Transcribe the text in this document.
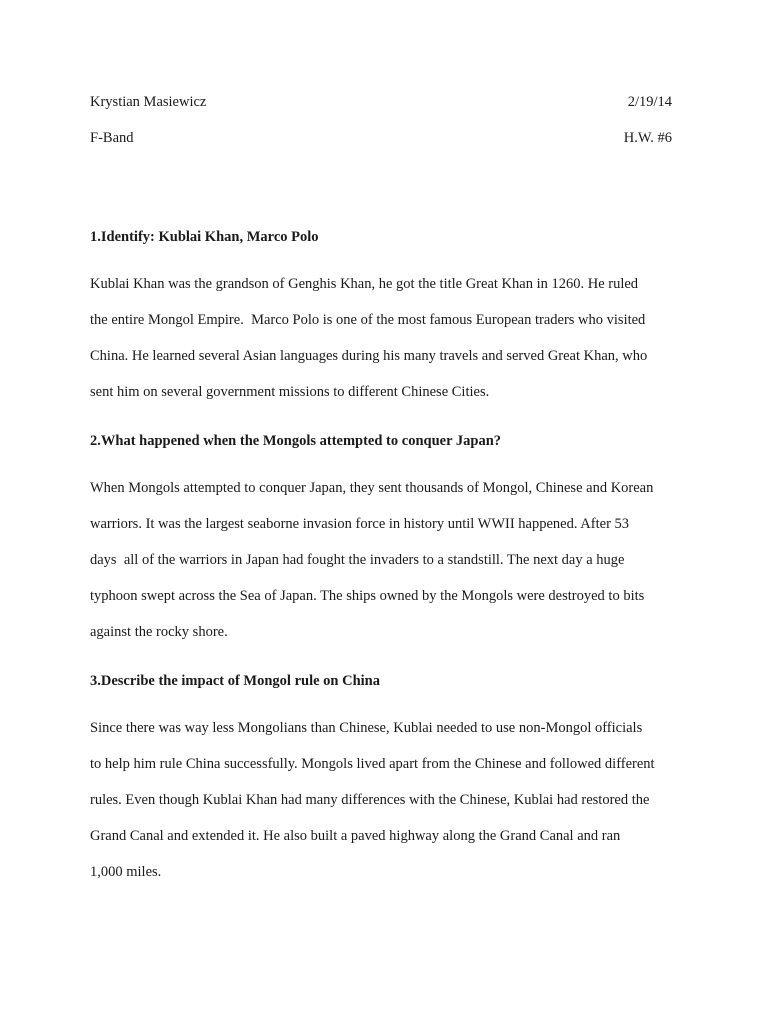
Krystian Masiewicz	2/19/14
F-Band	H.W. #6
1.Identify: Kublai Khan, Marco Polo
Kublai Khan was the grandson of Genghis Khan, he got the title Great Khan in 1260. He ruled
the entire Mongol Empire.  Marco Polo is one of the most famous European traders who visited
China. He learned several Asian languages during his many travels and served Great Khan, who
sent him on several government missions to different Chinese Cities.
2.What happened when the Mongols attempted to conquer Japan?
When Mongols attempted to conquer Japan, they sent thousands of Mongol, Chinese and Korean
warriors. It was the largest seaborne invasion force in history until WWII happened. After 53
days  all of the warriors in Japan had fought the invaders to a standstill. The next day a huge
typhoon swept across the Sea of Japan. The ships owned by the Mongols were destroyed to bits
against the rocky shore.
3.Describe the impact of Mongol rule on China
Since there was way less Mongolians than Chinese, Kublai needed to use non-Mongol officials
to help him rule China successfully. Mongols lived apart from the Chinese and followed different
rules. Even though Kublai Khan had many differences with the Chinese, Kublai had restored the
Grand Canal and extended it. He also built a paved highway along the Grand Canal and ran
1,000 miles.
